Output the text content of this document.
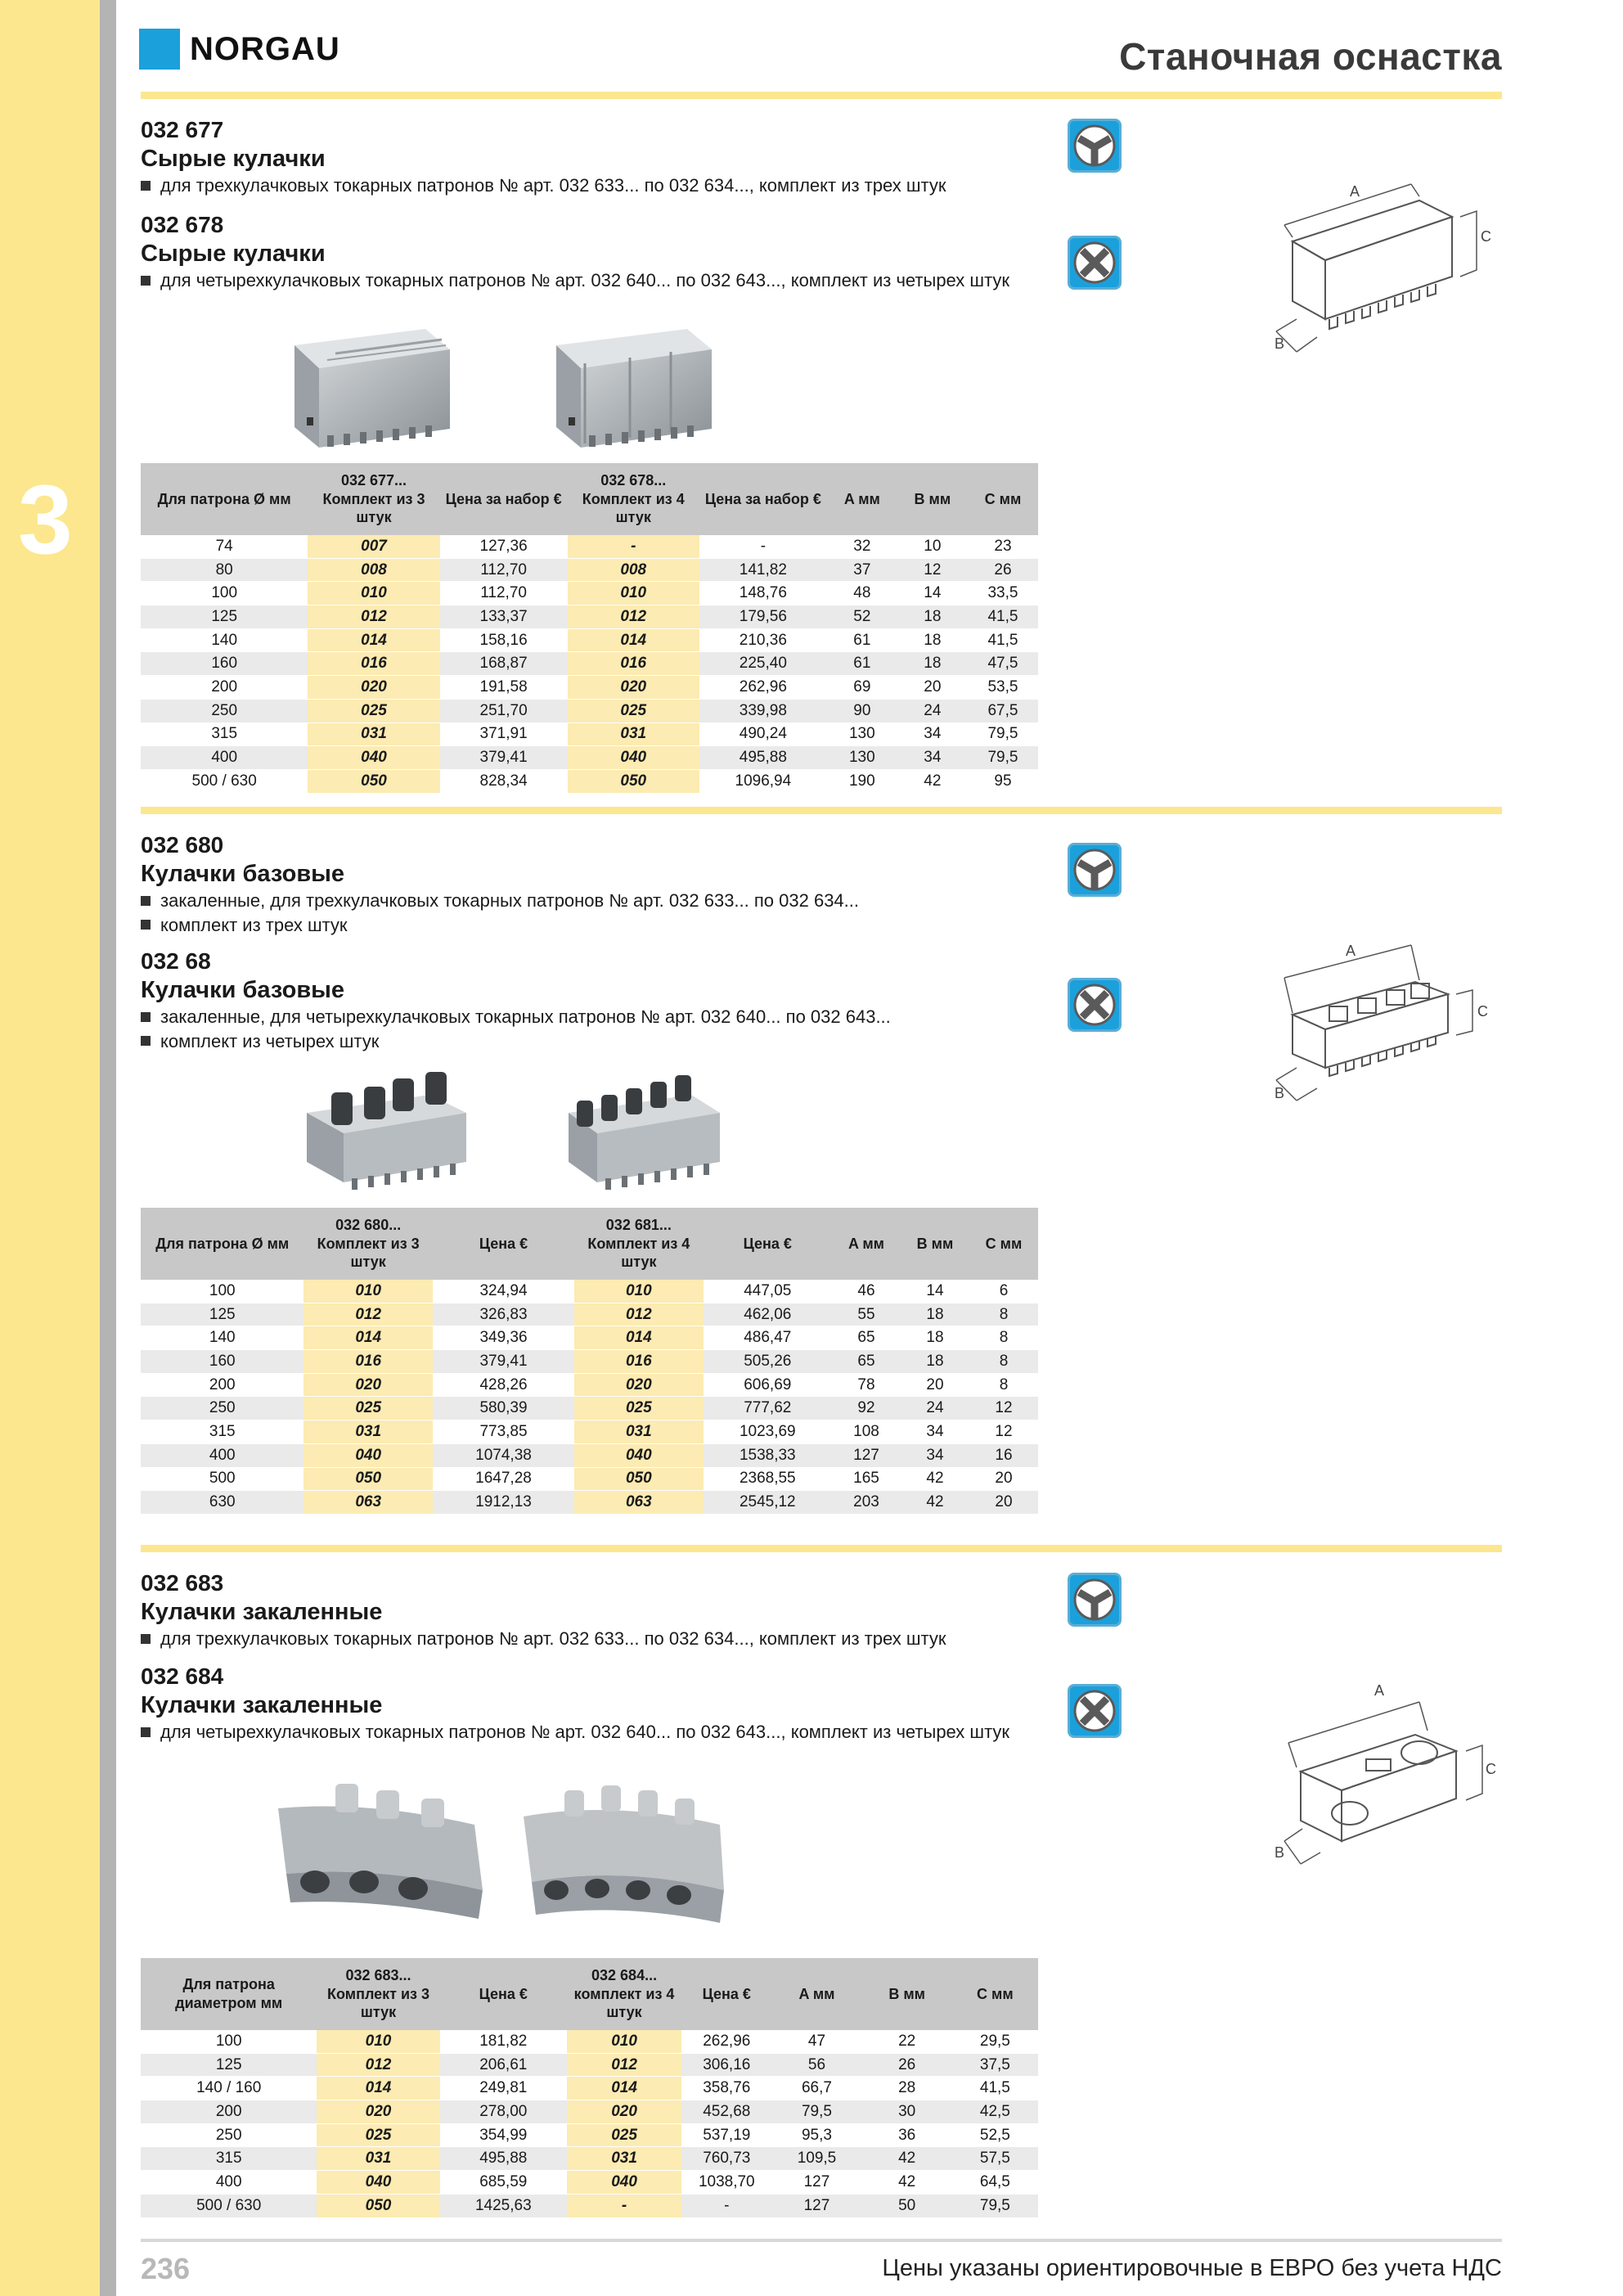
3
NORGAU	Станочная оснастка
032 677
Сырые кулачки
для трехкулачковых токарных патронов № арт. 032 633... по 032 634..., комплект из трех штук
032 678
Сырые кулачки
для четырехкулачковых токарных патронов № арт. 032 640... по 032 643..., комплект из четырех штук
A
C
B
Для патрона Ø мм	032 677... Комплект из 3 штук	Цена за набор €	032 678... Комплект из 4 штук	Цена за набор €	A мм	B мм	C мм
74	007	127,36	-	-	32	10	23
80	008	112,70	008	141,82	37	12	26
100	010	112,70	010	148,76	48	14	33,5
125	012	133,37	012	179,56	52	18	41,5
140	014	158,16	014	210,36	61	18	41,5
160	016	168,87	016	225,40	61	18	47,5
200	020	191,58	020	262,96	69	20	53,5
250	025	251,70	025	339,98	90	24	67,5
315	031	371,91	031	490,24	130	34	79,5
400	040	379,41	040	495,88	130	34	79,5
500 / 630	050	828,34	050	1096,94	190	42	95
032 680
Кулачки базовые
закаленные, для трехкулачковых токарных патронов № арт. 032 633... по 032 634...
комплект из трех штук
032 68
Кулачки базовые
закаленные, для четырехкулачковых токарных патронов № арт. 032 640... по 032 643...
комплект из четырех штук
A
C
B
Для патрона Ø мм	032 680... Комплект из 3 штук	Цена €	032 681... Комплект из 4 штук	Цена €	A мм	B мм	C мм
100	010	324,94	010	447,05	46	14	6
125	012	326,83	012	462,06	55	18	8
140	014	349,36	014	486,47	65	18	8
160	016	379,41	016	505,26	65	18	8
200	020	428,26	020	606,69	78	20	8
250	025	580,39	025	777,62	92	24	12
315	031	773,85	031	1023,69	108	34	12
400	040	1074,38	040	1538,33	127	34	16
500	050	1647,28	050	2368,55	165	42	20
630	063	1912,13	063	2545,12	203	42	20
032 683
Кулачки закаленные
для трехкулачковых токарных патронов № арт. 032 633... по 032 634..., комплект из трех штук
032 684
Кулачки закаленные
для четырехкулачковых токарных патронов № арт. 032 640... по 032 643..., комплект из четырех штук
A
C
B
Для патрона диаметром мм	032 683... Комплект из 3 штук	Цена €	032 684... комплект из 4 штук	Цена €	A мм	B мм	C мм
100	010	181,82	010	262,96	47	22	29,5
125	012	206,61	012	306,16	56	26	37,5
140 / 160	014	249,81	014	358,76	66,7	28	41,5
200	020	278,00	020	452,68	79,5	30	42,5
250	025	354,99	025	537,19	95,3	36	52,5
315	031	495,88	031	760,73	109,5	42	57,5
400	040	685,59	040	1038,70	127	42	64,5
500 / 630	050	1425,63	-	-	127	50	79,5
236	Цены указаны ориентировочные в ЕВРО без учета НДС
